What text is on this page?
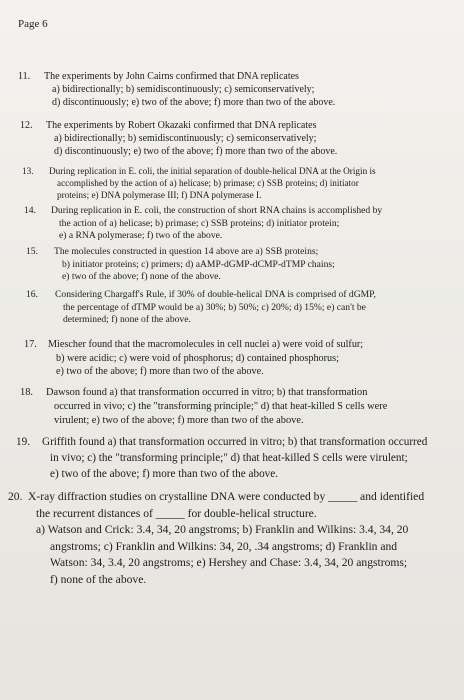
Page 6
11. The experiments by John Cairns confirmed that DNA replicates
a) bidirectionally; b) semidiscontinuously; c) semiconservatively;
d) discontinuously; e) two of the above; f) more than two of the above.
12. The experiments by Robert Okazaki confirmed that DNA replicates
a) bidirectionally; b) semidiscontinuously; c) semiconservatively;
d) discontinuously; e) two of the above; f) more than two of the above.
13. During replication in E. coli, the initial separation of double-helical DNA at the Origin is
accomplished by the action of a) helicase; b) primase; c) SSB proteins; d) initiator
proteins; e) DNA polymerase III; f) DNA polymerase I.
14. During replication in E. coli, the construction of short RNA chains is accomplished by
the action of a) helicase; b) primase; c) SSB proteins; d) initiator protein;
e) a RNA polymerase; f) two of the above.
15. The molecules constructed in question 14 above are a) SSB proteins;
b) initiator proteins; c) primers; d) aAMP-dGMP-dCMP-dTMP chains;
e) two of the above; f) none of the above.
16. Considering Chargaff's Rule, if 30% of double-helical DNA is comprised of dGMP,
the percentage of dTMP would be a) 30%; b) 50%; c) 20%; d) 15%; e) can't be
determined; f) none of the above.
17. Miescher found that the macromolecules in cell nuclei a) were void of sulfur;
b) were acidic; c) were void of phosphorus; d) contained phosphorus;
e) two of the above; f) more than two of the above.
18. Dawson found a) that transformation occurred in vitro; b) that transformation
occurred in vivo; c) the "transforming principle;" d) that heat-killed S cells were
virulent; e) two of the above; f) more than two of the above.
19. Griffith found a) that transformation occurred in vitro; b) that transformation occurred
in vivo; c) the "transforming principle;" d) that heat-killed S cells were virulent;
e) two of the above; f) more than two of the above.
20. X-ray diffraction studies on crystalline DNA were conducted by _____ and identified
the recurrent distances of _____ for double-helical structure.
a) Watson and Crick: 3.4, 34, 20 angstroms; b) Franklin and Wilkins: 3.4, 34, 20
angstroms; c) Franklin and Wilkins: 34, 20, .34 angstroms; d) Franklin and
Watson: 34, 3.4, 20 angstroms; e) Hershey and Chase: 3.4, 34, 20 angstroms;
f) none of the above.
